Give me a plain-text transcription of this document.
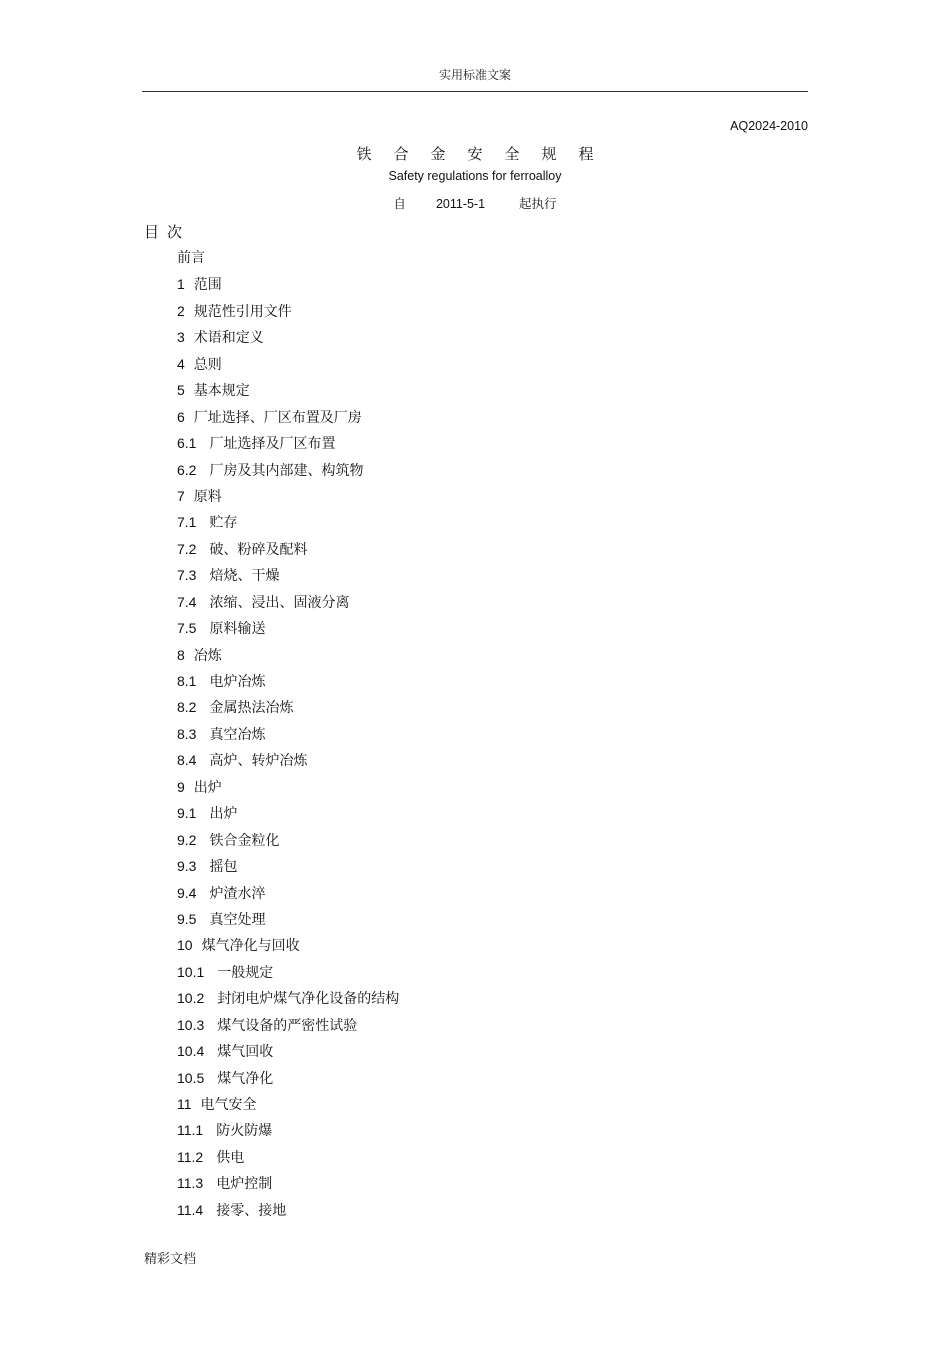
实用标准文案
AQ2024-2010
铁合金安全规程
Safety regulations for ferroalloy
自 2011-5-1	起执行
目次
前言
1 范围
2 规范性引用文件
3 术语和定义
4 总则
5 基本规定
6 厂址选择、厂区布置及厂房
6.1 厂址选择及厂区布置
6.2 厂房及其内部建、构筑物
7 原料
7.1 贮存
7.2 破、粉碎及配料
7.3 焙烧、干燥
7.4 浓缩、浸出、固液分离
7.5 原料输送
8 冶炼
8.1 电炉冶炼
8.2 金属热法冶炼
8.3 真空冶炼
8.4 高炉、转炉冶炼
9 出炉
9.1 出炉
9.2 铁合金粒化
9.3 摇包
9.4 炉渣水淬
9.5 真空处理
10 煤气净化与回收
10.1 一般规定
10.2 封闭电炉煤气净化设备的结构
10.3 煤气设备的严密性试验
10.4 煤气回收
10.5 煤气净化
11 电气安全
11.1 防火防爆
11.2 供电
11.3 电炉控制
11.4 接零、接地
精彩文档
